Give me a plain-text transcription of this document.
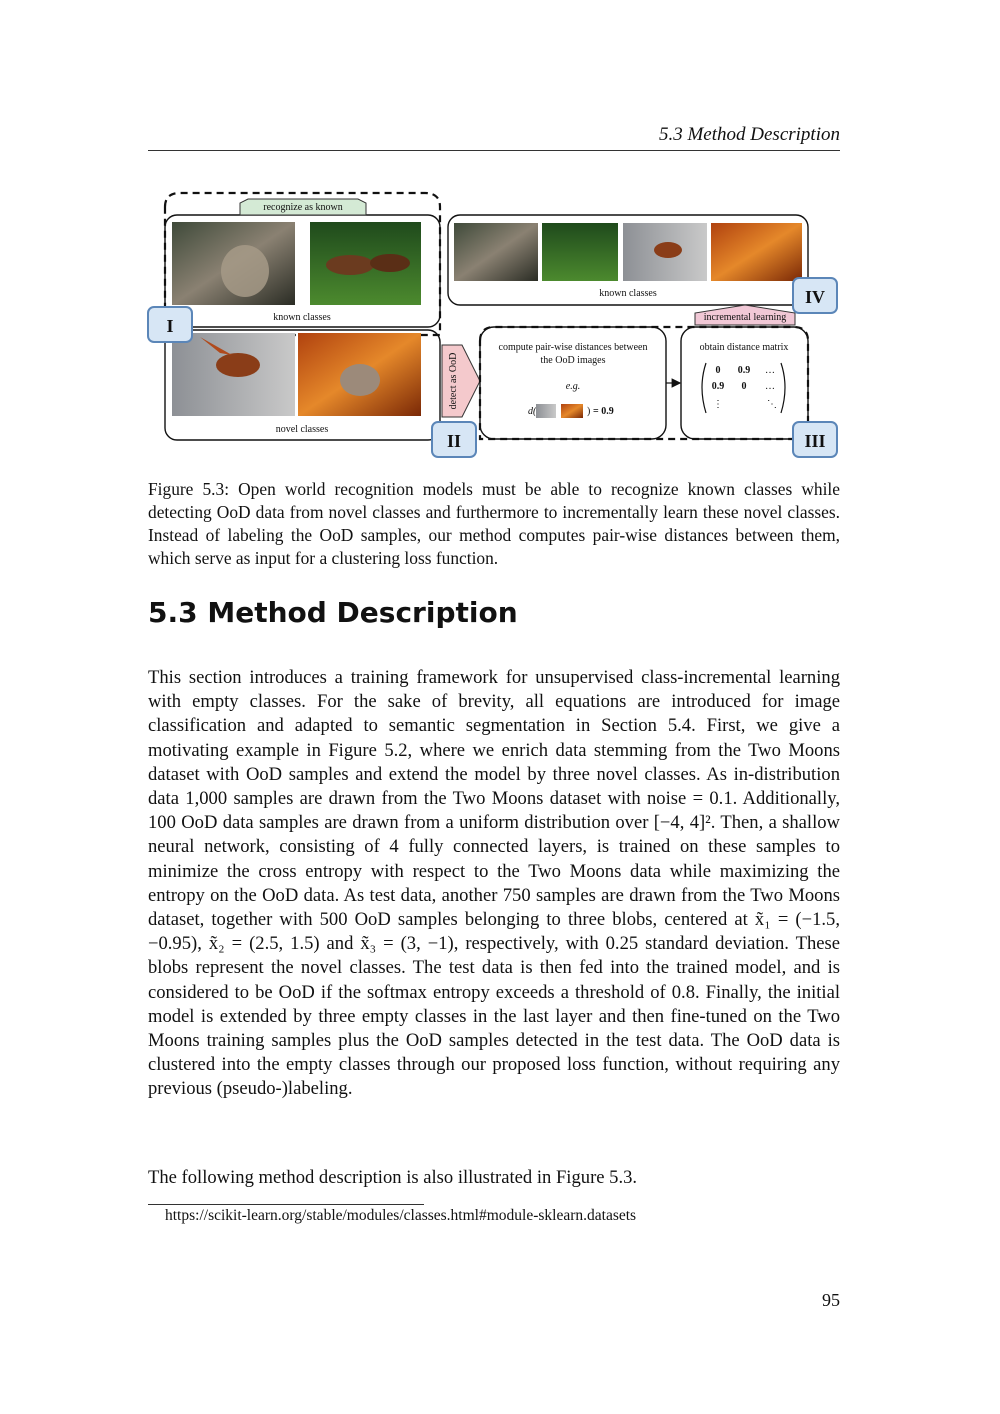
5.3 Method Description
recognize as known
known classes
novel classes
detect as OoD
known classes
incremental learning
compute pair-wise distances between
the OoD images
e.g.
d(	) = 0.9
obtain distance matrix
0 0.9 …
0.9 0 …
⋮	⋱
I
II	III
IV
Figure 5.3: Open world recognition models must be able to recognize known classes while detecting OoD data from novel classes and furthermore to incrementally learn these novel classes. Instead of labeling the OoD samples, our method computes pair-wise distances between them, which serve as input for a clustering loss function.
5.3 Method Description

This section introduces a training framework for unsupervised class-incremental learning with empty classes. For the sake of brevity, all equations are introduced for image classification and adapted to semantic segmentation in Section 5.4. First, we give a motivating example in Figure 5.2, where we enrich data stemming from the Two Moons dataset with OoD samples and extend the model by three novel classes. As in-distribution data 1,000 samples are drawn from the Two Moons dataset with noise = 0.1. Additionally, 100 OoD data samples are drawn from a uniform distribution over [−4, 4]². Then, a shallow neural network, consisting of 4 fully connected layers, is trained on these samples to minimize the cross entropy with respect to the Two Moons data while maximizing the entropy on the OoD data. As test data, another 750 samples are drawn from the Two Moons dataset, together with 500 OoD samples belonging to three blobs, centered at x̃₁ = (−1.5, −0.95), x̃₂ = (2.5, 1.5) and x̃₃ = (3, −1), respectively, with 0.25 standard deviation. These blobs represent the novel classes. The test data is then fed into the trained model, and is considered to be OoD if the softmax entropy exceeds a threshold of 0.8. Finally, the initial model is extended by three empty classes in the last layer and then fine-tuned on the Two Moons training samples plus the OoD samples detected in the test data. The OoD data is clustered into the empty classes through our proposed loss function, without requiring any previous (pseudo-)labeling.

The following method description is also illustrated in Figure 5.3.

https://scikit-learn.org/stable/modules/classes.html#module-sklearn.datasets
95
